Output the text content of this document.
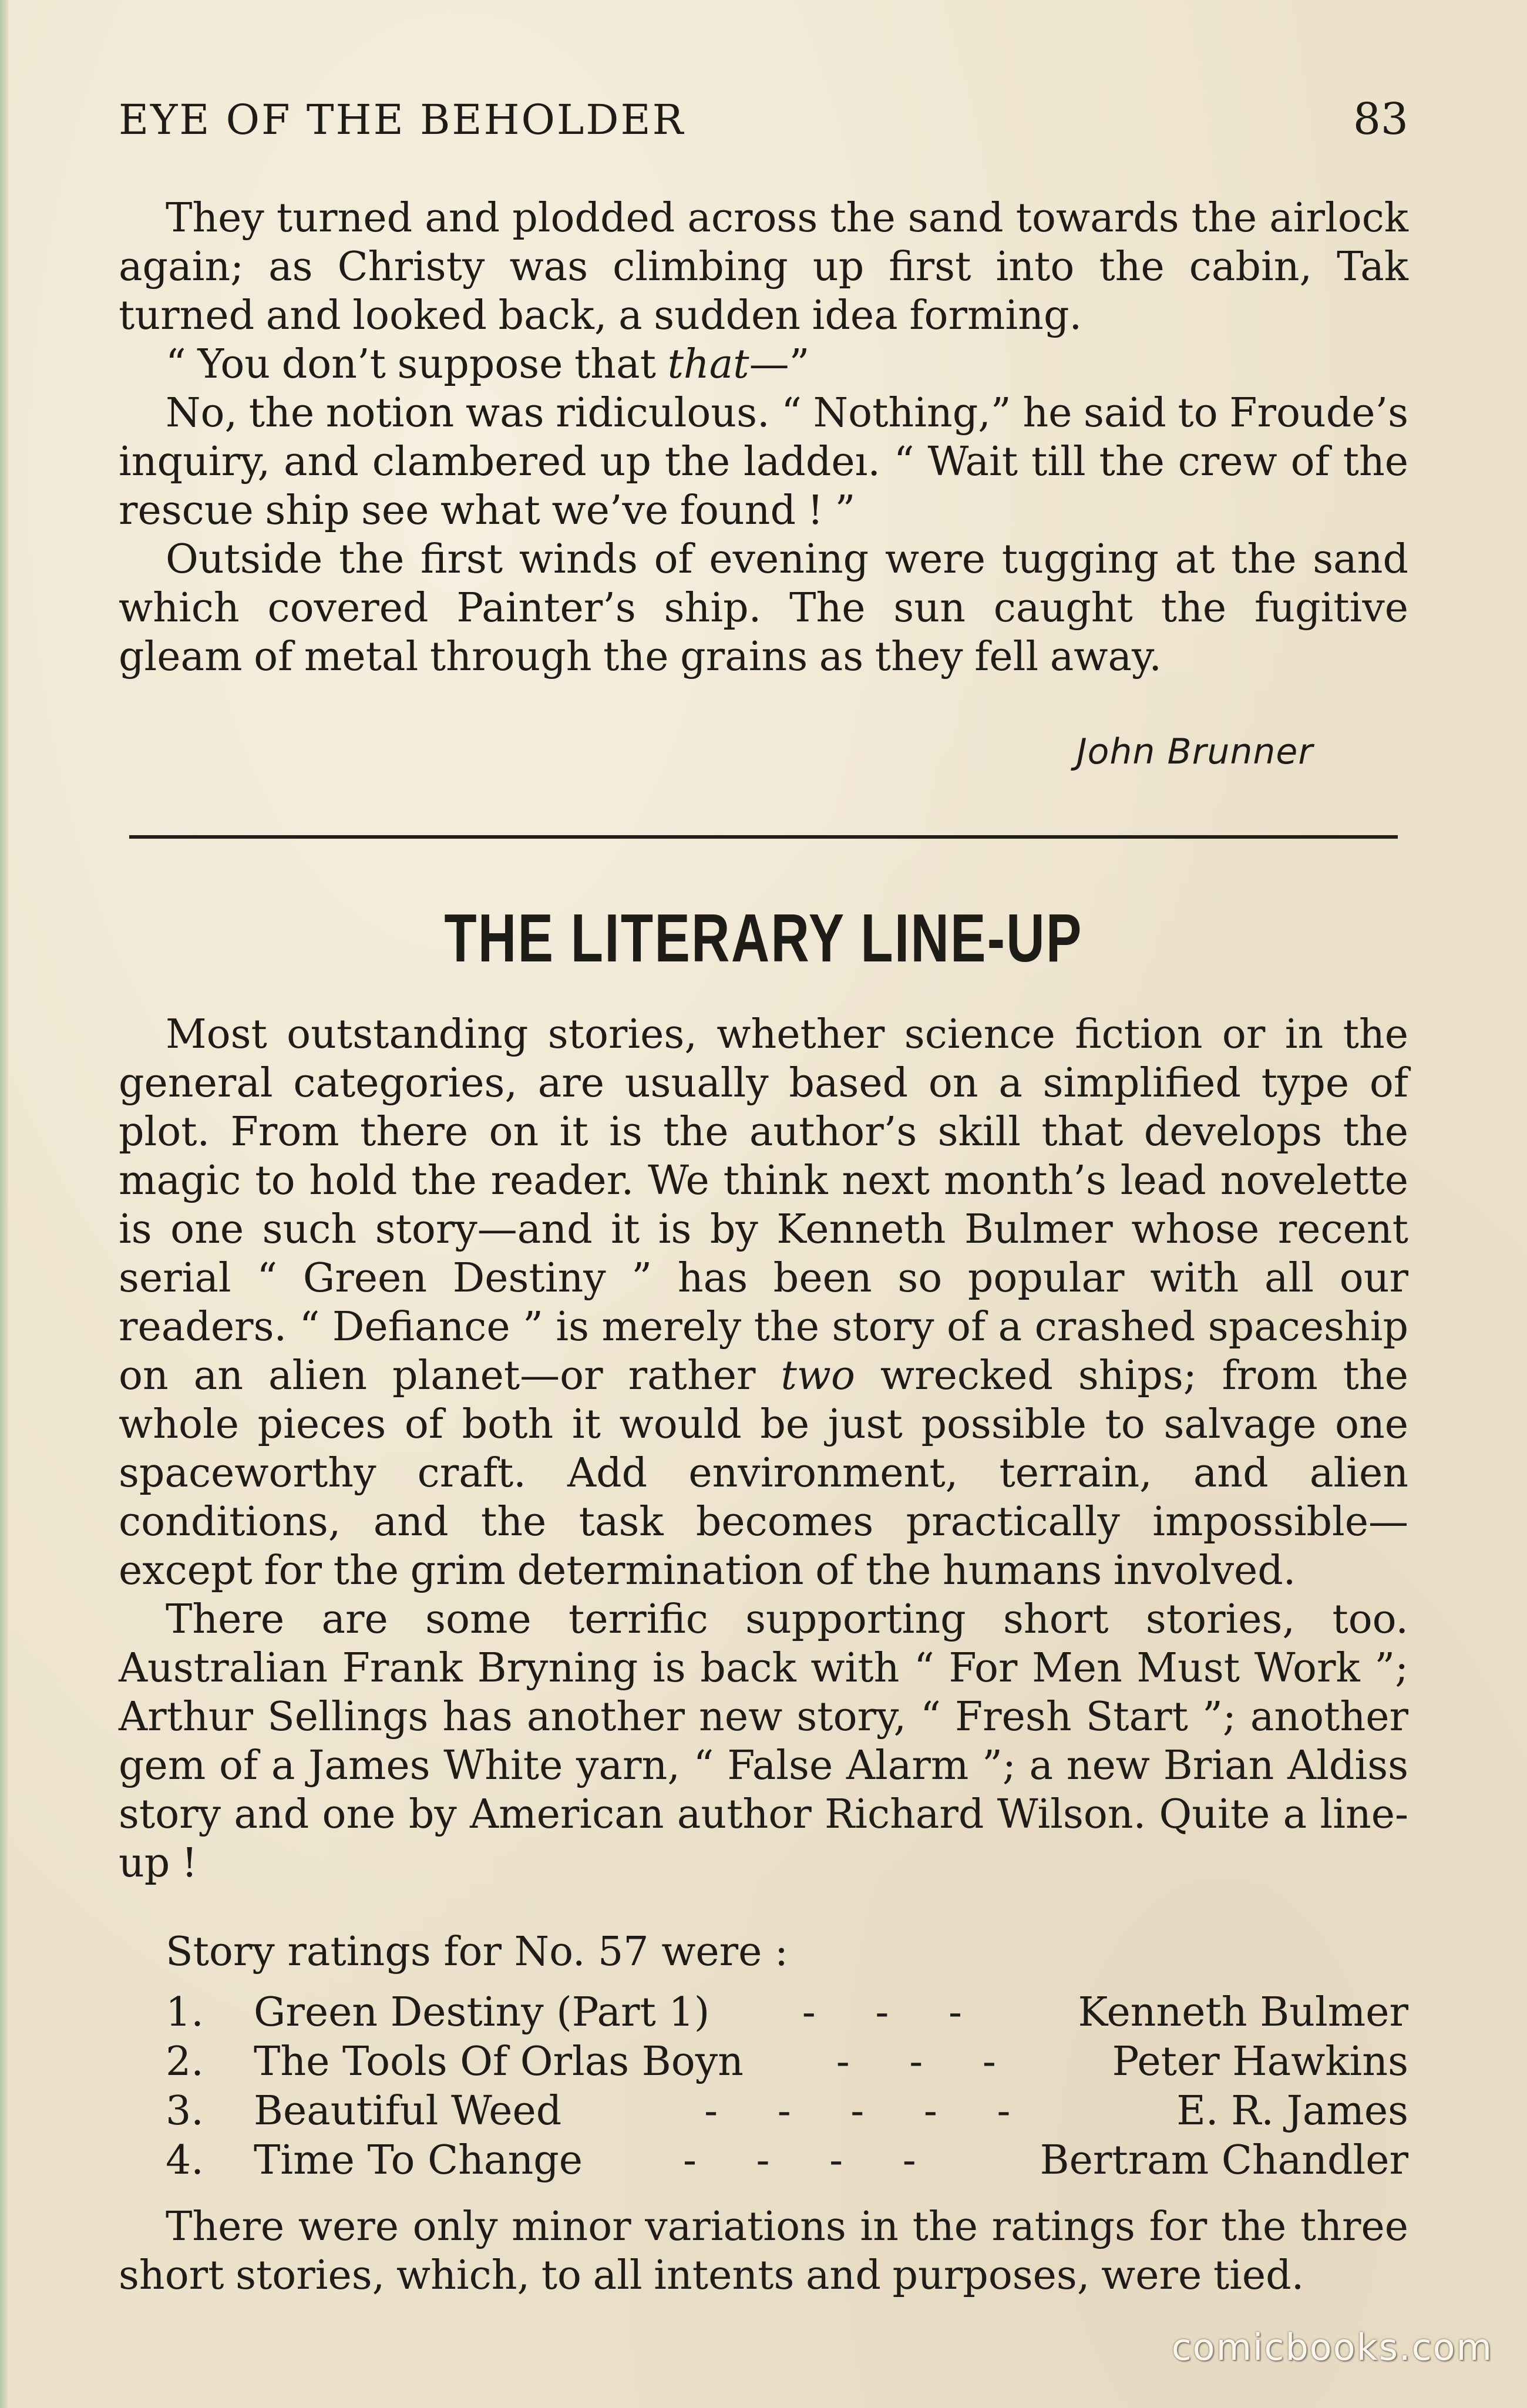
EYE OF THE BEHOLDER	83

They turned and plodded across the sand towards the airlock again; as Christy was climbing up first into the cabin, Tak turned and looked back, a sudden idea forming.

“ You don’t suppose that that—”

No, the notion was ridiculous. “ Nothing,” he said to Froude’s inquiry, and clambered up the laddeı. “ Wait till the crew of the rescue ship see what we’ve found ! ”

Outside the first winds of evening were tugging at the sand which covered Painter’s ship. The sun caught the fugitive gleam of metal through the grains as they fell away.

John Brunner
THE LITERARY LINE-UP

Most outstanding stories, whether science fiction or in the general categories, are usually based on a simplified type of plot. From there on it is the author’s skill that develops the magic to hold the reader. We think next month’s lead novelette is one such story—and it is by Kenneth Bulmer whose recent serial “ Green Destiny ” has been so popular with all our readers. “ Defiance ” is merely the story of a crashed spaceship on an alien planet—or rather two wrecked ships; from the whole pieces of both it would be just possible to salvage one spaceworthy craft. Add environment, terrain, and alien conditions, and the task becomes practically impossible—except for the grim determination of the humans involved.

There are some terrific supporting short stories, too. Australian Frank Bryning is back with “ For Men Must Work ”; Arthur Sellings has another new story, “ Fresh Start ”; another gem of a James White yarn, “ False Alarm ”; a new Brian Aldiss story and one by American author Richard Wilson. Quite a line-up !

Story ratings for No. 57 were :
1.	Green Destiny (Part 1)	- - -	Kenneth Bulmer
2.	The Tools Of Orlas Boyn	- - -	Peter Hawkins
3.	Beautiful Weed	- - - - -	E. R. James
4.	Time To Change	- - - -	Bertram Chandler

There were only minor variations in the ratings for the three short stories, which, to all intents and purposes, were tied.

comicbooks.com
